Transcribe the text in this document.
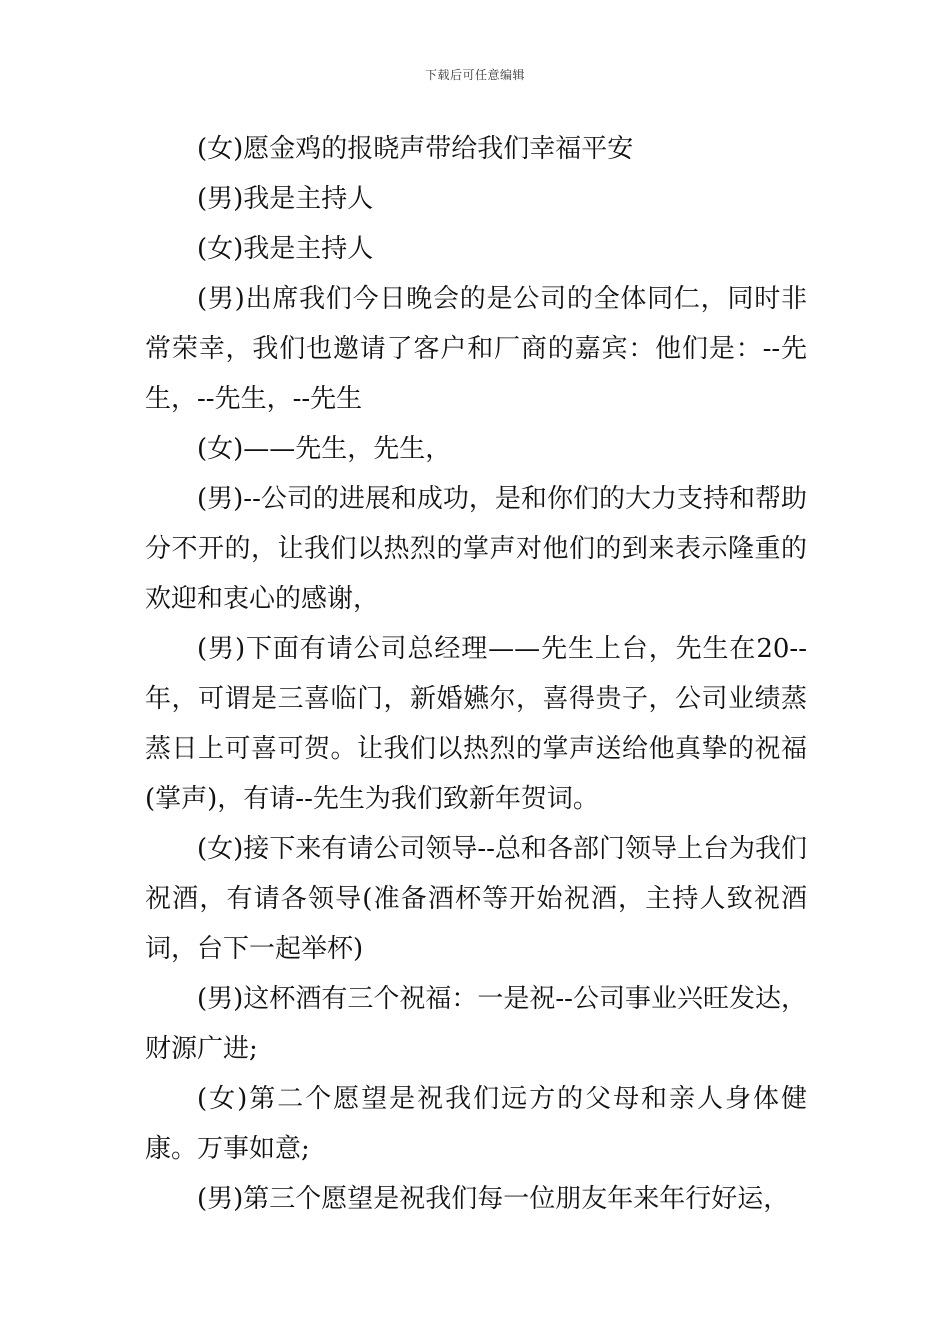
下载后可任意编辑

(女)愿金鸡的报晓声带给我们幸福平安

(男)我是主持人

(女)我是主持人

(男)出席我们今日晚会的是公司的全体同仁，同时非常荣幸，我们也邀请了客户和厂商的嘉宾：他们是：--先生，--先生，--先生

(女)——先生，先生，

(男)--公司的进展和成功，是和你们的大力支持和帮助分不开的，让我们以热烈的掌声对他们的到来表示隆重的欢迎和衷心的感谢，

(男)下面有请公司总经理——先生上台，先生在20--年，可谓是三喜临门，新婚嬿尔，喜得贵子，公司业绩蒸蒸日上可喜可贺。让我们以热烈的掌声送给他真挚的祝福(掌声)，有请--先生为我们致新年贺词。

(女)接下来有请公司领导--总和各部门领导上台为我们祝酒，有请各领导(准备酒杯等开始祝酒，主持人致祝酒词，台下一起举杯)

(男)这杯酒有三个祝福：一是祝--公司事业兴旺发达，财源广进;

(女)第二个愿望是祝我们远方的父母和亲人身体健康。万事如意;

(男)第三个愿望是祝我们每一位朋友年来年行好运，
